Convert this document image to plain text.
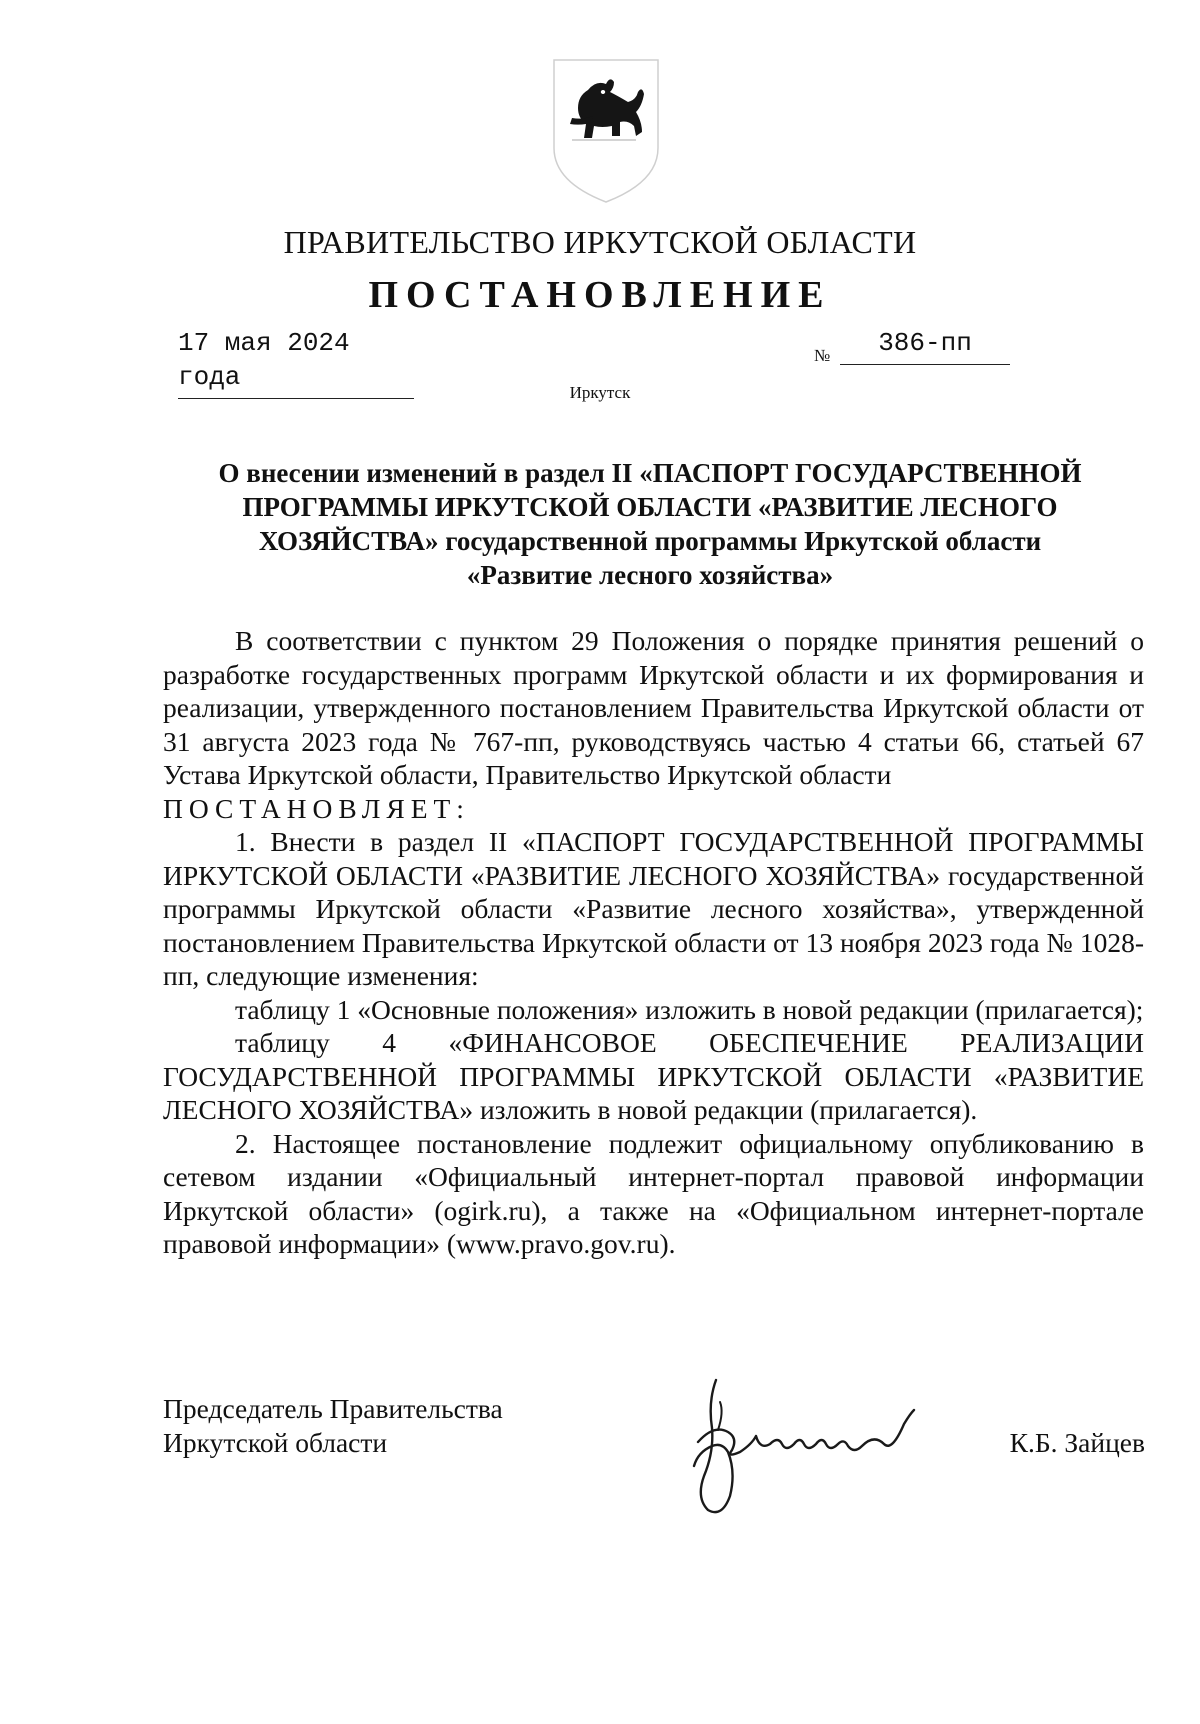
ПРАВИТЕЛЬСТВО ИРКУТСКОЙ ОБЛАСТИ
ПОСТАНОВЛЕНИЕ
17 мая 2024 года
№	386-пп
Иркутск
О внесении изменений в раздел II «ПАСПОРТ ГОСУДАРСТВЕННОЙ
ПРОГРАММЫ ИРКУТСКОЙ ОБЛАСТИ «РАЗВИТИЕ ЛЕСНОГО
ХОЗЯЙСТВА» государственной программы Иркутской области
«Развитие лесного хозяйства»

В соответствии с пунктом 29 Положения о порядке принятия решений о разработке государственных программ Иркутской области и их формирования и реализации, утвержденного постановлением Правительства Иркутской области от 31 августа 2023 года № 767-пп, руководствуясь частью 4 статьи 66, статьей 67 Устава Иркутской области, Правительство Иркутской области

ПОСТАНОВЛЯЕТ:

1. Внести в раздел II «ПАСПОРТ ГОСУДАРСТВЕННОЙ ПРОГРАММЫ ИРКУТСКОЙ ОБЛАСТИ «РАЗВИТИЕ ЛЕСНОГО ХОЗЯЙСТВА» государственной программы Иркутской области «Развитие лесного хозяйства», утвержденной постановлением Правительства Иркутской области от 13 ноября 2023 года № 1028-пп, следующие изменения:

таблицу 1 «Основные положения» изложить в новой редакции (прилагается);

таблицу 4 «ФИНАНСОВОЕ ОБЕСПЕЧЕНИЕ РЕАЛИЗАЦИИ ГОСУДАРСТВЕННОЙ ПРОГРАММЫ ИРКУТСКОЙ ОБЛАСТИ «РАЗВИТИЕ ЛЕСНОГО ХОЗЯЙСТВА» изложить в новой редакции (прилагается).

2. Настоящее постановление подлежит официальному опубликованию в сетевом издании «Официальный интернет-портал правовой информации Иркутской области» (ogirk.ru), а также на «Официальном интернет-портале правовой информации» (www.pravo.gov.ru).

Председатель Правительства
Иркутской области	К.Б. Зайцев
